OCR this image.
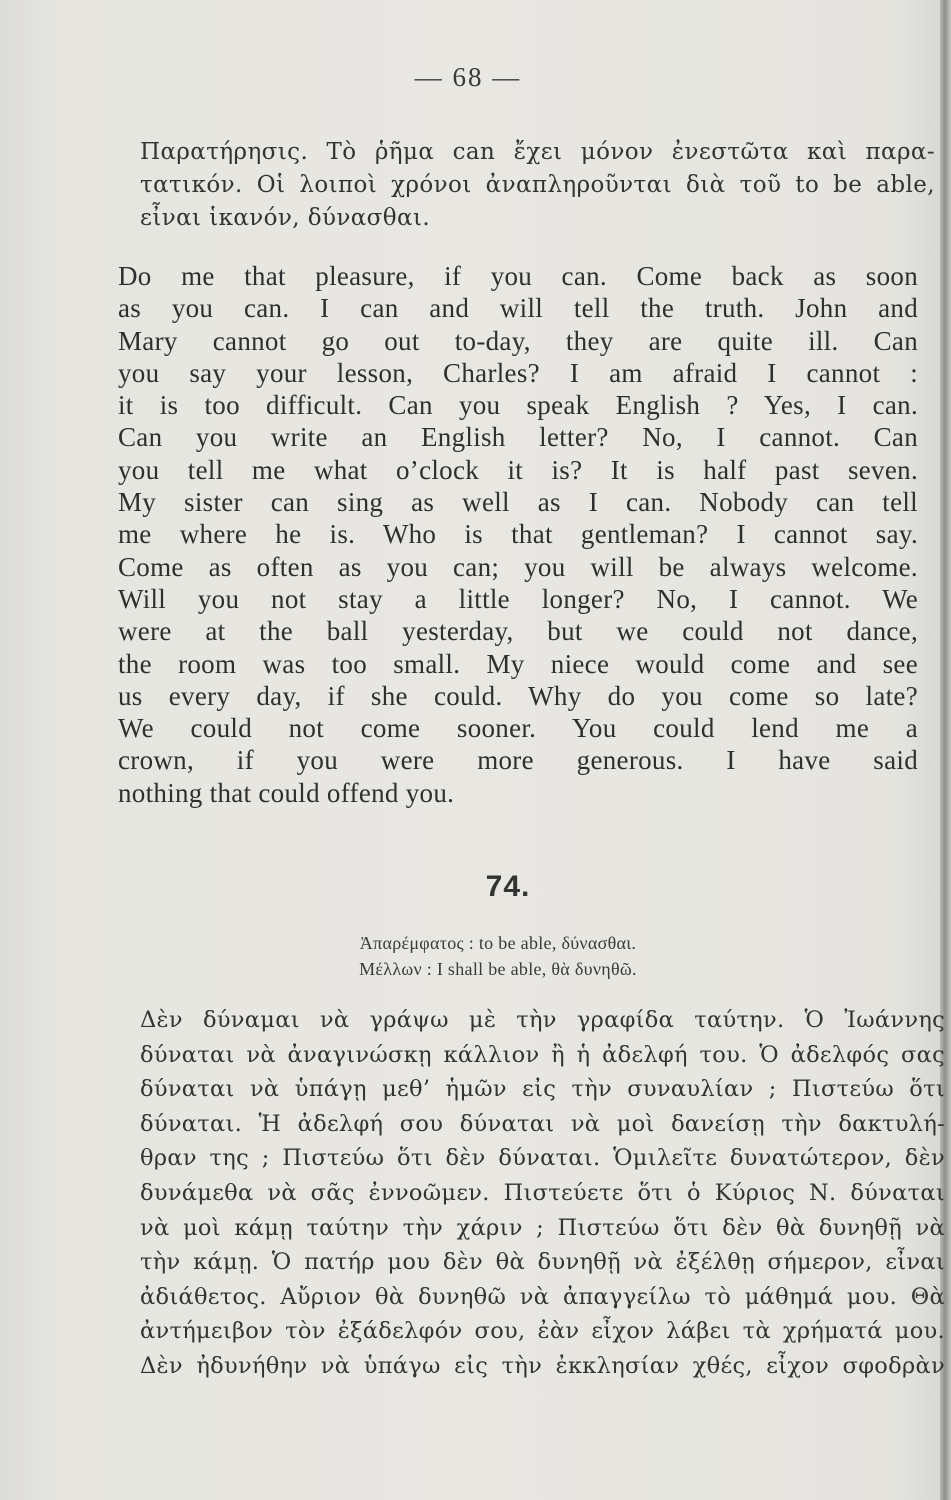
— 68 —
Παρατήρησις. Τὸ ῥῆμα can ἔχει μόνον ἐνεστῶτα καὶ παρα-
τατικόν. Οἱ λοιποὶ χρόνοι ἀναπληροῦνται διὰ τοῦ to be able,
εἶναι ἱκανόν, δύνασθαι.
Do me that pleasure, if you can. Come back as soon
as you can. I can and will tell the truth. John and
Mary cannot go out to-day, they are quite ill. Can
you say your lesson, Charles? I am afraid I cannot :
it is too difficult. Can you speak English ? Yes, I can.
Can you write an English letter? No, I cannot. Can
you tell me what o’clock it is? It is half past seven.
My sister can sing as well as I can. Nobody can tell
me where he is. Who is that gentleman? I cannot say.
Come as often as you can; you will be always welcome.
Will you not stay a little longer? No, I cannot. We
were at the ball yesterday, but we could not dance,
the room was too small. My niece would come and see
us every day, if she could. Why do you come so late?
We could not come sooner. You could lend me a
crown, if you were more generous. I have said
nothing that could offend you.
74.
Ἀπαρέμφατος : to be able, δύνασθαι.
Μέλλων : I shall be able, θὰ δυνηθῶ.
Δὲν δύναμαι νὰ γράψω μὲ τὴν γραφίδα ταύτην. Ὁ Ἰωάννης
δύναται νὰ ἀναγινώσκῃ κάλλιον ἢ ἡ ἀδελφή του. Ὁ ἀδελφός σας
δύναται νὰ ὑπάγῃ μεθ’ ἡμῶν εἰς τὴν συναυλίαν ; Πιστεύω ὅτι
δύναται. Ἡ ἀδελφή σου δύναται νὰ μοὶ δανείσῃ τὴν δακτυλή-
θραν της ; Πιστεύω ὅτι δὲν δύναται. Ὁμιλεῖτε δυνατώτερον, δὲν
δυνάμεθα νὰ σᾶς ἐννοῶμεν. Πιστεύετε ὅτι ὁ Κύριος Ν. δύναται
νὰ μοὶ κάμῃ ταύτην τὴν χάριν ; Πιστεύω ὅτι δὲν θὰ δυνηθῇ νὰ
τὴν κάμῃ. Ὁ πατήρ μου δὲν θὰ δυνηθῇ νὰ ἐξέλθῃ σήμερον, εἶναι
ἀδιάθετος. Αὔριον θὰ δυνηθῶ νὰ ἀπαγγείλω τὸ μάθημά μου. Θὰ
ἀντήμειβον τὸν ἐξάδελφόν σου, ἐὰν εἶχον λάβει τὰ χρήματά μου.
Δὲν ἠδυνήθην νὰ ὑπάγω εἰς τὴν ἐκκλησίαν χθές, εἶχον σφοδρὰν
